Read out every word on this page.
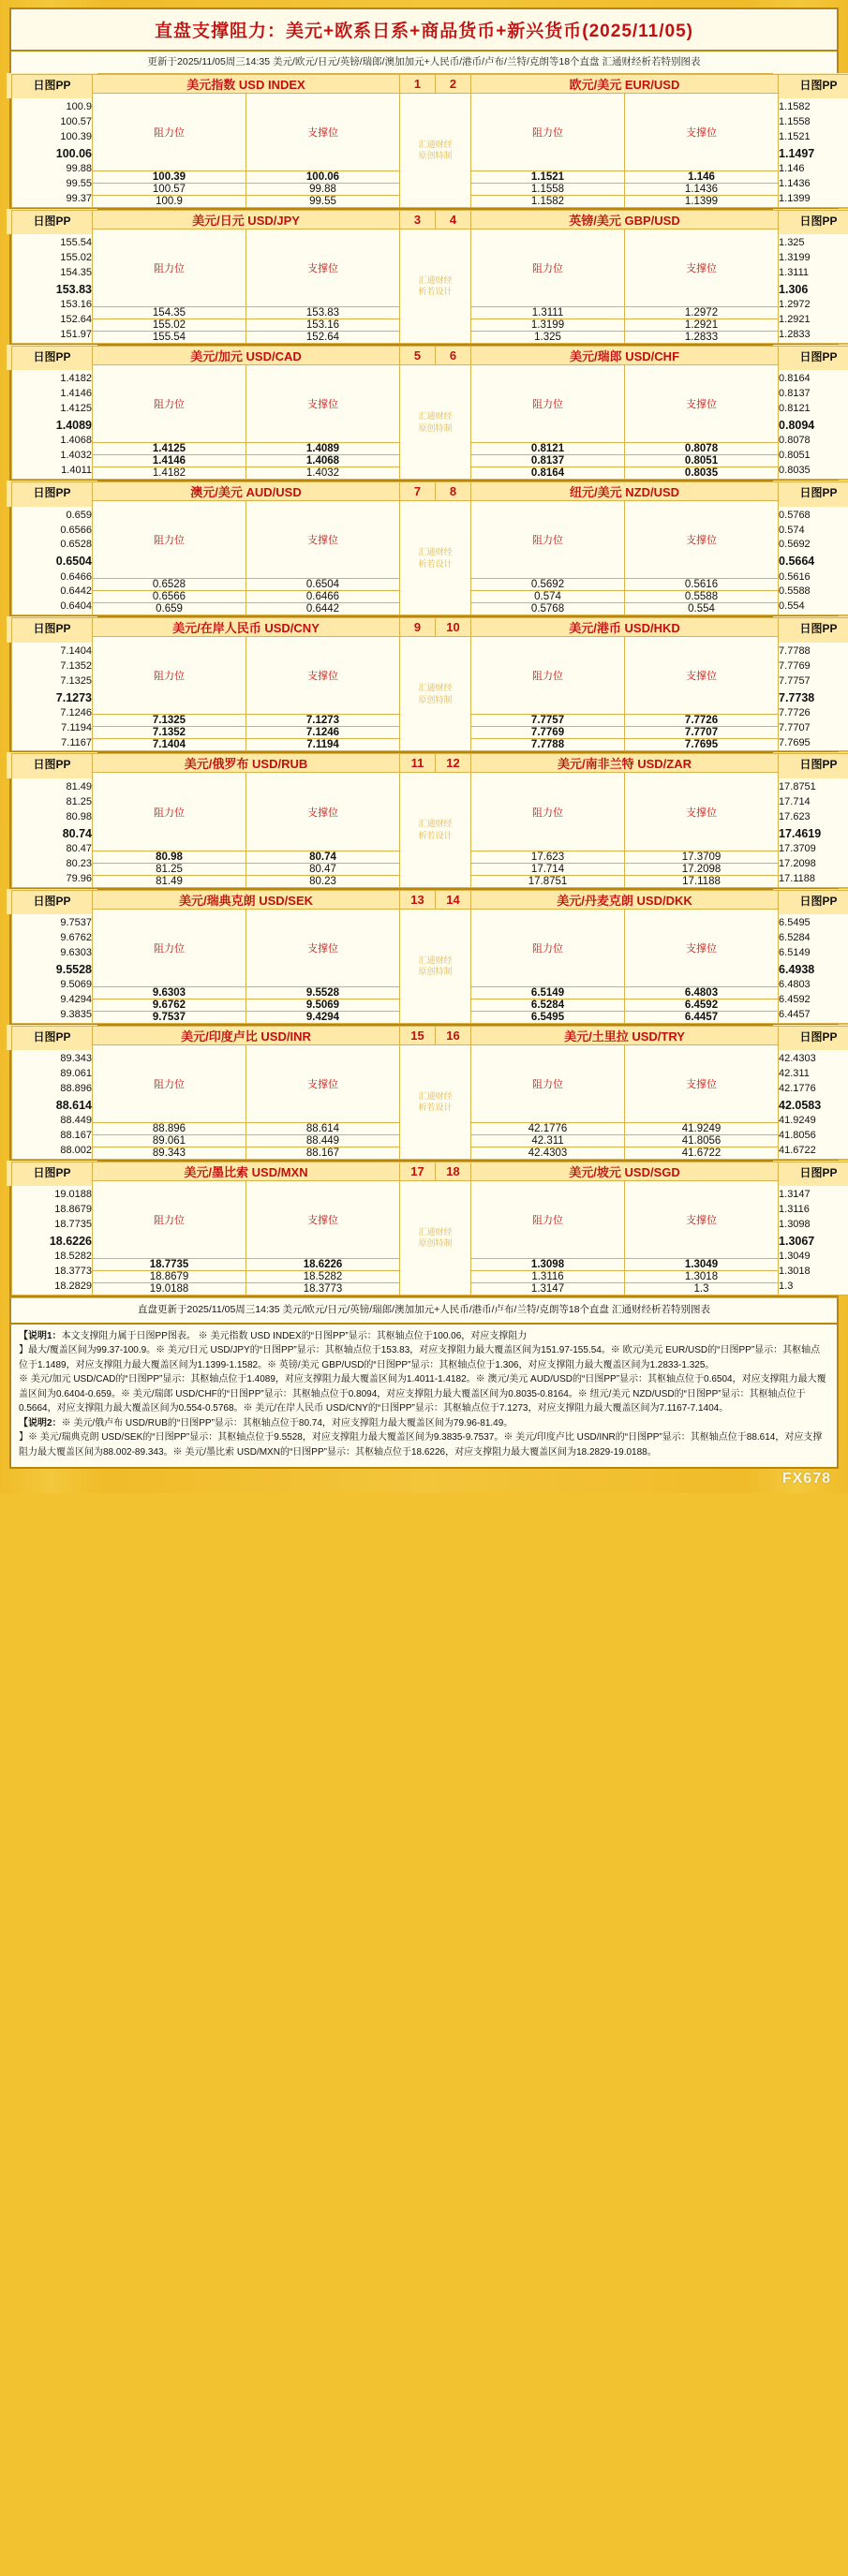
直盘支撑阻力：美元+欧系日系+商品货币+新兴货币(2025/11/05)
更新于2025/11/05周三14:35 美元/欧元/日元/英镑/瑞郎/澳加加元+人民币/港币/卢布/兰特/克朗等18个直盘 汇通财经析若特别图表
日图PP
100.9
100.57
100.39
100.06
99.88
99.55
99.37
	美元指数 USD INDEX	1	2	欧元/美元 EUR/USD	日图PP
1.1582
1.1558
1.1521
1.1497
1.146
1.1436
1.1399

	阻力位	支撑位	汇通财经
原创特制		阻力位	支撑位	
	100.39	100.06			1.1521	1.146	
	100.57	99.88			1.1558	1.1436	
	100.9	99.55			1.1582	1.1399	
日图PP
155.54
155.02
154.35
153.83
153.16
152.64
151.97
	美元/日元 USD/JPY	3	4	英镑/美元 GBP/USD	日图PP
1.325
1.3199
1.3111
1.306
1.2972
1.2921
1.2833

	阻力位	支撑位	汇通财经
析若设计		阻力位	支撑位	
	154.35	153.83			1.3111	1.2972	
	155.02	153.16			1.3199	1.2921	
	155.54	152.64			1.325	1.2833	
日图PP
1.4182
1.4146
1.4125
1.4089
1.4068
1.4032
1.4011
	美元/加元 USD/CAD	5	6	美元/瑞郎 USD/CHF	日图PP
0.8164
0.8137
0.8121
0.8094
0.8078
0.8051
0.8035

	阻力位	支撑位	汇通财经
原创特制		阻力位	支撑位	
	1.4125	1.4089			0.8121	0.8078	
	1.4146	1.4068			0.8137	0.8051	
	1.4182	1.4032			0.8164	0.8035	
日图PP
0.659
0.6566
0.6528
0.6504
0.6466
0.6442
0.6404
	澳元/美元 AUD/USD	7	8	纽元/美元 NZD/USD	日图PP
0.5768
0.574
0.5692
0.5664
0.5616
0.5588
0.554

	阻力位	支撑位	汇通财经
析若设计		阻力位	支撑位	
	0.6528	0.6504			0.5692	0.5616	
	0.6566	0.6466			0.574	0.5588	
	0.659	0.6442			0.5768	0.554	
日图PP
7.1404
7.1352
7.1325
7.1273
7.1246
7.1194
7.1167
	美元/在岸人民币 USD/CNY	9	10	美元/港币 USD/HKD	日图PP
7.7788
7.7769
7.7757
7.7738
7.7726
7.7707
7.7695

	阻力位	支撑位	汇通财经
原创特制		阻力位	支撑位	
	7.1325	7.1273			7.7757	7.7726	
	7.1352	7.1246			7.7769	7.7707	
	7.1404	7.1194			7.7788	7.7695	
日图PP
81.49
81.25
80.98
80.74
80.47
80.23
79.96
	美元/俄罗布 USD/RUB	11	12	美元/南非兰特 USD/ZAR	日图PP
17.8751
17.714
17.623
17.4619
17.3709
17.2098
17.1188

	阻力位	支撑位	汇通财经
析若设计		阻力位	支撑位	
	80.98	80.74			17.623	17.3709	
	81.25	80.47			17.714	17.2098	
	81.49	80.23			17.8751	17.1188	
日图PP
9.7537
9.6762
9.6303
9.5528
9.5069
9.4294
9.3835
	美元/瑞典克朗 USD/SEK	13	14	美元/丹麦克朗 USD/DKK	日图PP
6.5495
6.5284
6.5149
6.4938
6.4803
6.4592
6.4457

	阻力位	支撑位	汇通财经
原创特制		阻力位	支撑位	
	9.6303	9.5528			6.5149	6.4803	
	9.6762	9.5069			6.5284	6.4592	
	9.7537	9.4294			6.5495	6.4457	
日图PP
89.343
89.061
88.896
88.614
88.449
88.167
88.002
	美元/印度卢比 USD/INR	15	16	美元/土里拉 USD/TRY	日图PP
42.4303
42.311
42.1776
42.0583
41.9249
41.8056
41.6722

	阻力位	支撑位	汇通财经
析若设计		阻力位	支撑位	
	88.896	88.614			42.1776	41.9249	
	89.061	88.449			42.311	41.8056	
	89.343	88.167			42.4303	41.6722	
日图PP
19.0188
18.8679
18.7735
18.6226
18.5282
18.3773
18.2829
	美元/墨比索 USD/MXN	17	18	美元/坡元 USD/SGD	日图PP
1.3147
1.3116
1.3098
1.3067
1.3049
1.3018
1.3

	阻力位	支撑位	汇通财经
原创特制		阻力位	支撑位	
	18.7735	18.6226			1.3098	1.3049	
	18.8679	18.5282			1.3116	1.3018	
	19.0188	18.3773			1.3147	1.3	
直盘更新于2025/11/05周三14:35 美元/欧元/日元/英镑/瑞郎/澳加加元+人民币/港币/卢布/兰特/克朗等18个直盘 汇通财经析若特别图表
【说明1：本文支撑阻力属于日图PP图表。 ※ 美元指数 USD INDEX的“日图PP”显示：其枢轴点位于100.06，对应支撑阻力
】最大/覆盖区间为99.37-100.9。※ 美元/日元 USD/JPY的“日图PP”显示：其枢轴点位于153.83，对应支撑阻力最大覆盖区间为151.97-155.54。※ 欧元/美元 EUR/USD的“日图PP”显示：其枢轴点位于1.1489，对应支撑阻力最大覆盖区间为1.1399-1.1582。※ 英镑/美元 GBP/USD的“日图PP”显示：其枢轴点位于1.306，对应支撑阻力最大覆盖区间为1.2833-1.325。
※ 美元/加元 USD/CAD的“日图PP”显示：其枢轴点位于1.4089，对应支撑阻力最大覆盖区间为1.4011-1.4182。※ 澳元/美元 AUD/USD的“日图PP”显示：其枢轴点位于0.6504，对应支撑阻力最大覆盖区间为0.6404-0.659。※ 美元/瑞郎 USD/CHF的“日图PP”显示：其枢轴点位于0.8094，对应支撑阻力最大覆盖区间为0.8035-0.8164。※ 纽元/美元 NZD/USD的“日图PP”显示：其枢轴点位于0.5664，对应支撑阻力最大覆盖区间为0.554-0.5768。※ 美元/在岸人民币 USD/CNY的“日图PP”显示：其枢轴点位于7.1273，对应支撑阻力最大覆盖区间为7.1167-7.1404。
【说明2：※ 美元/俄卢布 USD/RUB的“日图PP”显示：其枢轴点位于80.74，对应支撑阻力最大覆盖区间为79.96-81.49。
】※ 美元/瑞典克朗 USD/SEK的“日图PP”显示：其枢轴点位于9.5528，对应支撑阻力最大覆盖区间为9.3835-9.7537。※ 美元/印度卢比 USD/INR的“日图PP”显示：其枢轴点位于88.614，对应支撑阻力最大覆盖区间为88.002-89.343。※ 美元/墨比索 USD/MXN的“日图PP”显示：其枢轴点位于18.6226，对应支撑阻力最大覆盖区间为18.2829-19.0188。
FX678
